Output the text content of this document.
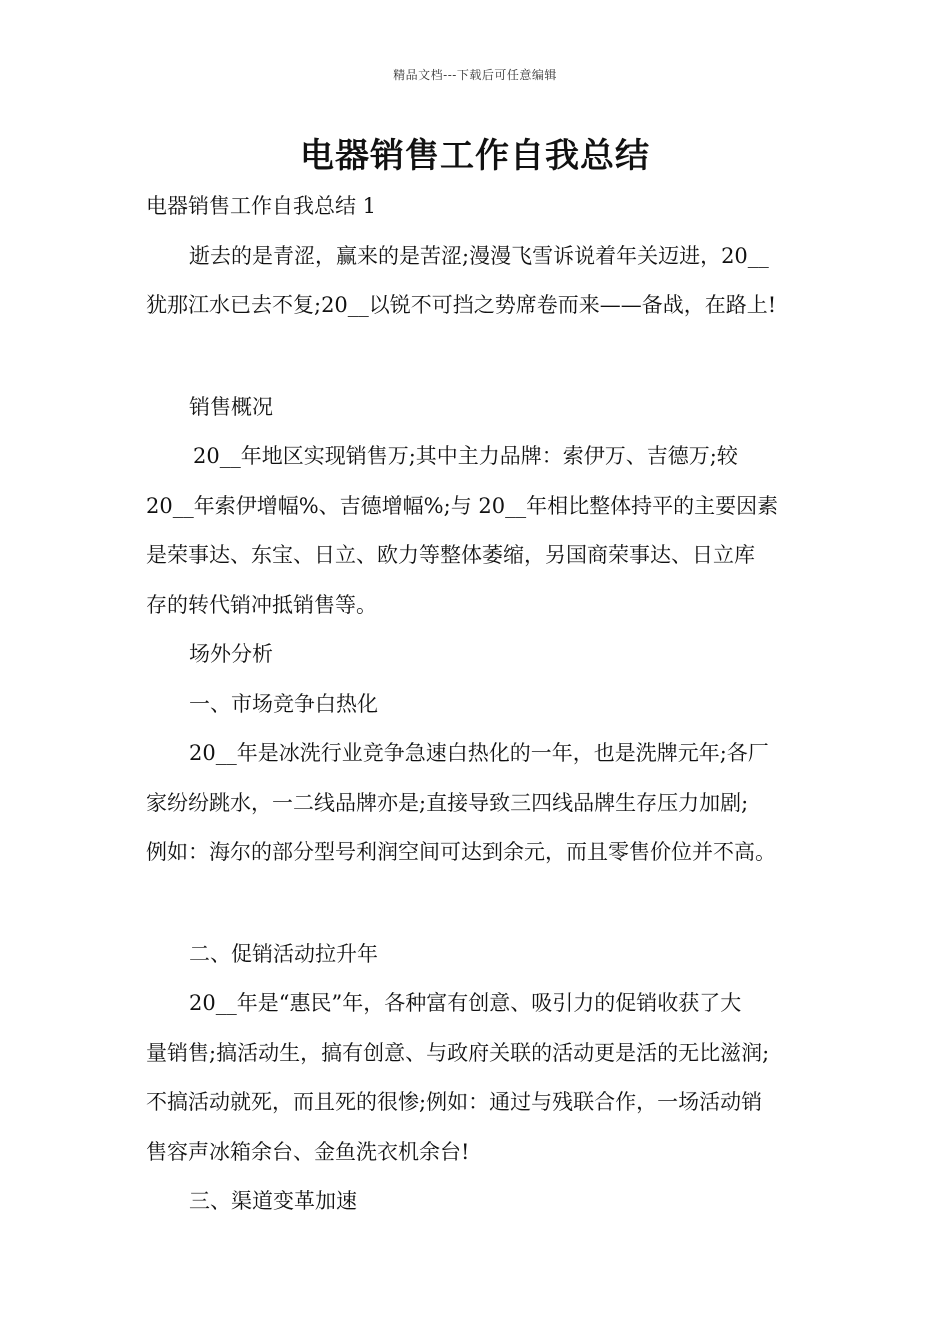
精品文档---下载后可任意编辑
电器销售工作自我总结
电器销售工作自我总结 1
逝去的是青涩，赢来的是苦涩;漫漫飞雪诉说着年关迈进，20__
犹那江水已去不复;20__以锐不可挡之势席卷而来——备战，在路上!
销售概况
20__年地区实现销售万;其中主力品牌：索伊万、吉德万;较
20__年索伊增幅%、吉德增幅%;与 20__年相比整体持平的主要因素
是荣事达、东宝、日立、欧力等整体萎缩，另国商荣事达、日立库
存的转代销冲抵销售等。
场外分析
一、市场竞争白热化
20__年是冰洗行业竞争急速白热化的一年，也是洗牌元年;各厂
家纷纷跳水，一二线品牌亦是;直接导致三四线品牌生存压力加剧;
例如：海尔的部分型号利润空间可达到余元，而且零售价位并不高。
二、促销活动拉升年
20__年是“惠民”年，各种富有创意、吸引力的促销收获了大
量销售;搞活动生，搞有创意、与政府关联的活动更是活的无比滋润;
不搞活动就死，而且死的很惨;例如：通过与残联合作，一场活动销
售容声冰箱余台、金鱼洗衣机余台!
三、渠道变革加速
